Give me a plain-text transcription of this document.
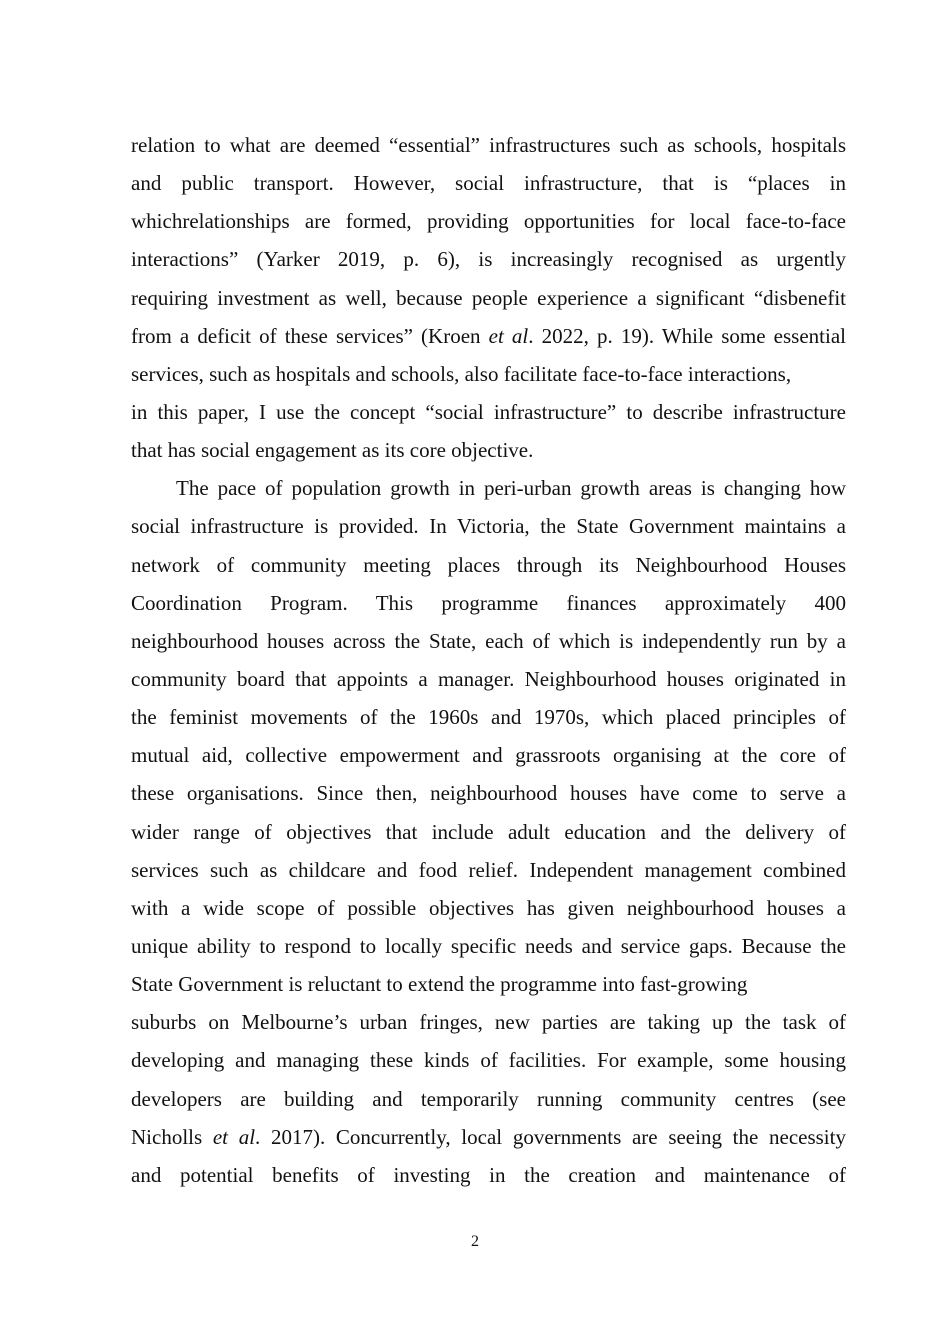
relation to what are deemed “essential” infrastructures such as schools, hospitals
and public transport. However, social infrastructure, that is “places in
whichrelationships are formed, providing opportunities for local face-to-face
interactions” (Yarker 2019, p. 6), is increasingly recognised as urgently
requiring investment as well, because people experience a significant “disbenefit
from a deficit of these services” (Kroen et al. 2022, p. 19). While some essential
services, such as hospitals and schools, also facilitate face-to-face interactions,
in this paper, I use the concept “social infrastructure” to describe infrastructure
that has social engagement as its core objective.
The pace of population growth in peri-urban growth areas is changing how
social infrastructure is provided. In Victoria, the State Government maintains a
network of community meeting places through its Neighbourhood Houses
Coordination Program. This programme finances approximately 400
neighbourhood houses across the State, each of which is independently run by a
community board that appoints a manager. Neighbourhood houses originated in
the feminist movements of the 1960s and 1970s, which placed principles of
mutual aid, collective empowerment and grassroots organising at the core of
these organisations. Since then, neighbourhood houses have come to serve a
wider range of objectives that include adult education and the delivery of
services such as childcare and food relief. Independent management combined
with a wide scope of possible objectives has given neighbourhood houses a
unique ability to respond to locally specific needs and service gaps. Because the
State Government is reluctant to extend the programme into fast-growing
suburbs on Melbourne’s urban fringes, new parties are taking up the task of
developing and managing these kinds of facilities. For example, some housing
developers are building and temporarily running community centres (see
Nicholls et al. 2017). Concurrently, local governments are seeing the necessity
and potential benefits of investing in the creation and maintenance of
2
